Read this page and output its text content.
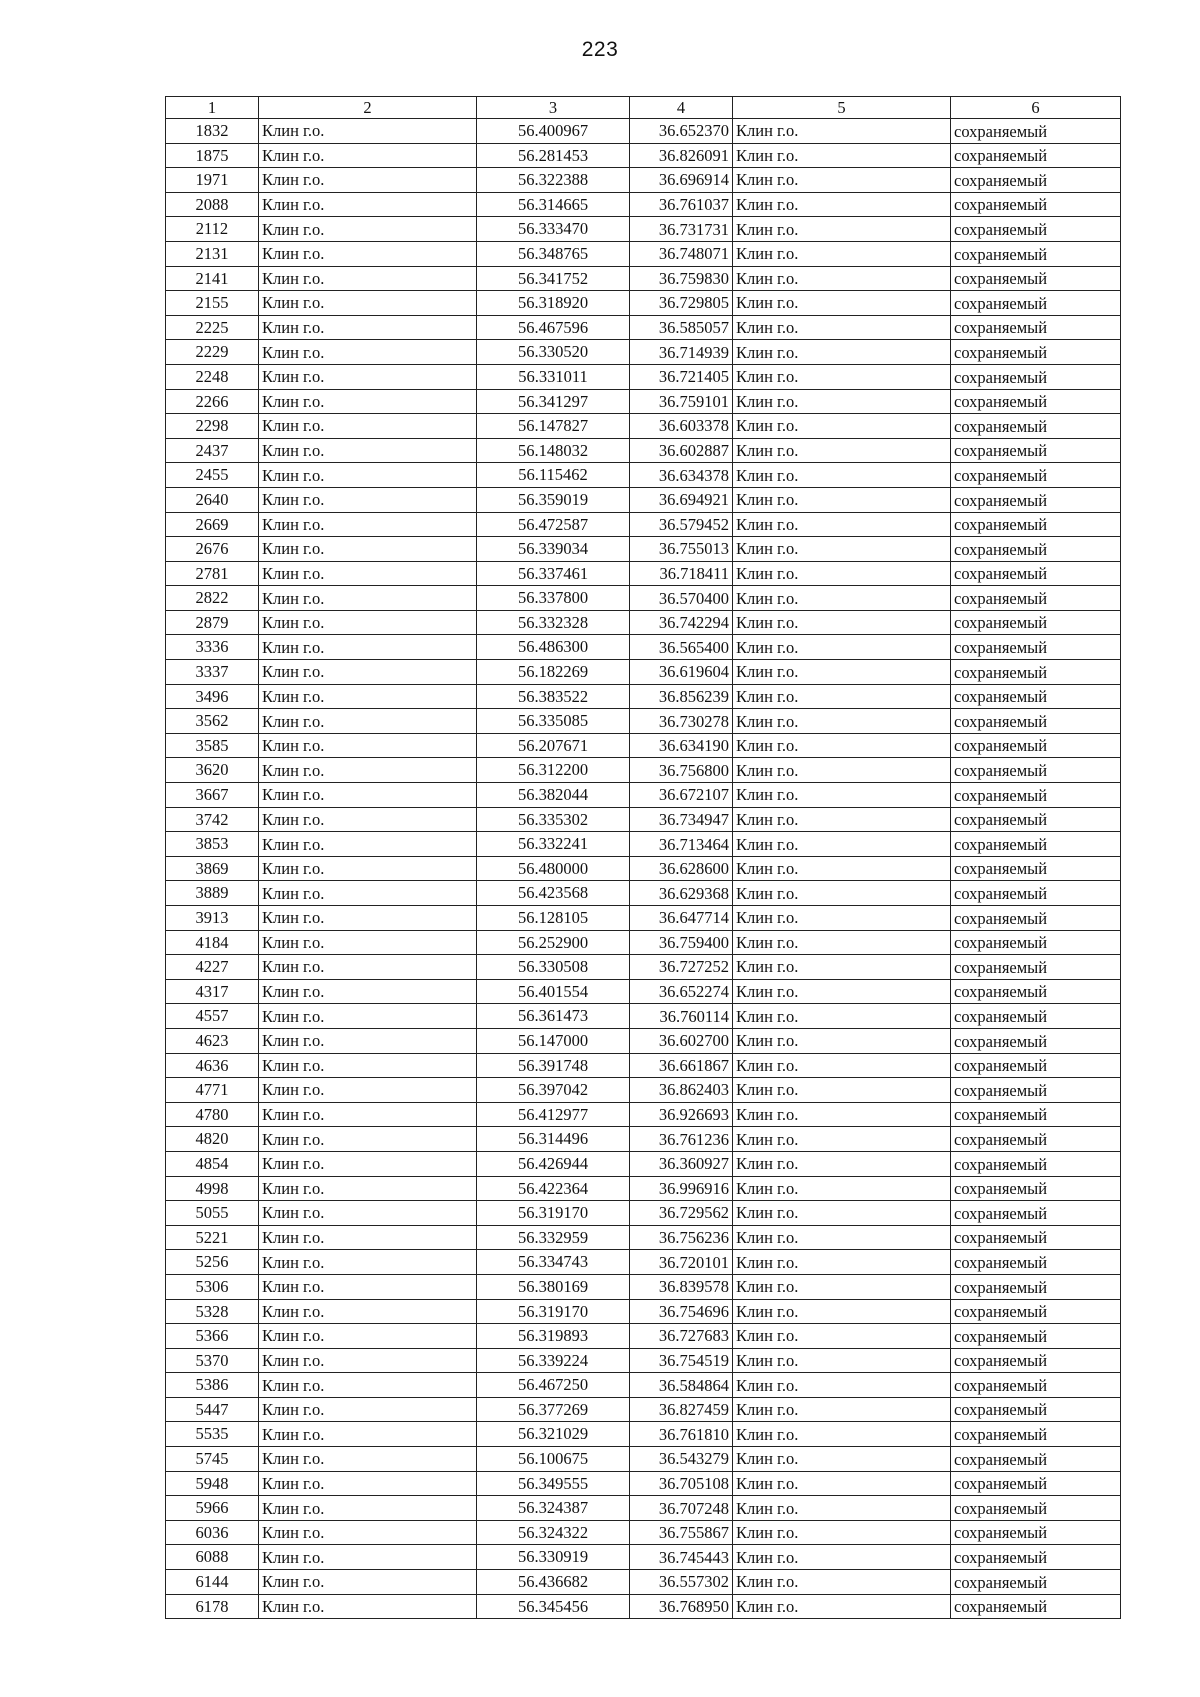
223
1	2	3	4	5	6
1832	Клин г.о.	56.400967	36.652370	Клин г.о.	сохраняемый
1875	Клин г.о.	56.281453	36.826091	Клин г.о.	сохраняемый
1971	Клин г.о.	56.322388	36.696914	Клин г.о.	сохраняемый
2088	Клин г.о.	56.314665	36.761037	Клин г.о.	сохраняемый
2112	Клин г.о.	56.333470	36.731731	Клин г.о.	сохраняемый
2131	Клин г.о.	56.348765	36.748071	Клин г.о.	сохраняемый
2141	Клин г.о.	56.341752	36.759830	Клин г.о.	сохраняемый
2155	Клин г.о.	56.318920	36.729805	Клин г.о.	сохраняемый
2225	Клин г.о.	56.467596	36.585057	Клин г.о.	сохраняемый
2229	Клин г.о.	56.330520	36.714939	Клин г.о.	сохраняемый
2248	Клин г.о.	56.331011	36.721405	Клин г.о.	сохраняемый
2266	Клин г.о.	56.341297	36.759101	Клин г.о.	сохраняемый
2298	Клин г.о.	56.147827	36.603378	Клин г.о.	сохраняемый
2437	Клин г.о.	56.148032	36.602887	Клин г.о.	сохраняемый
2455	Клин г.о.	56.115462	36.634378	Клин г.о.	сохраняемый
2640	Клин г.о.	56.359019	36.694921	Клин г.о.	сохраняемый
2669	Клин г.о.	56.472587	36.579452	Клин г.о.	сохраняемый
2676	Клин г.о.	56.339034	36.755013	Клин г.о.	сохраняемый
2781	Клин г.о.	56.337461	36.718411	Клин г.о.	сохраняемый
2822	Клин г.о.	56.337800	36.570400	Клин г.о.	сохраняемый
2879	Клин г.о.	56.332328	36.742294	Клин г.о.	сохраняемый
3336	Клин г.о.	56.486300	36.565400	Клин г.о.	сохраняемый
3337	Клин г.о.	56.182269	36.619604	Клин г.о.	сохраняемый
3496	Клин г.о.	56.383522	36.856239	Клин г.о.	сохраняемый
3562	Клин г.о.	56.335085	36.730278	Клин г.о.	сохраняемый
3585	Клин г.о.	56.207671	36.634190	Клин г.о.	сохраняемый
3620	Клин г.о.	56.312200	36.756800	Клин г.о.	сохраняемый
3667	Клин г.о.	56.382044	36.672107	Клин г.о.	сохраняемый
3742	Клин г.о.	56.335302	36.734947	Клин г.о.	сохраняемый
3853	Клин г.о.	56.332241	36.713464	Клин г.о.	сохраняемый
3869	Клин г.о.	56.480000	36.628600	Клин г.о.	сохраняемый
3889	Клин г.о.	56.423568	36.629368	Клин г.о.	сохраняемый
3913	Клин г.о.	56.128105	36.647714	Клин г.о.	сохраняемый
4184	Клин г.о.	56.252900	36.759400	Клин г.о.	сохраняемый
4227	Клин г.о.	56.330508	36.727252	Клин г.о.	сохраняемый
4317	Клин г.о.	56.401554	36.652274	Клин г.о.	сохраняемый
4557	Клин г.о.	56.361473	36.760114	Клин г.о.	сохраняемый
4623	Клин г.о.	56.147000	36.602700	Клин г.о.	сохраняемый
4636	Клин г.о.	56.391748	36.661867	Клин г.о.	сохраняемый
4771	Клин г.о.	56.397042	36.862403	Клин г.о.	сохраняемый
4780	Клин г.о.	56.412977	36.926693	Клин г.о.	сохраняемый
4820	Клин г.о.	56.314496	36.761236	Клин г.о.	сохраняемый
4854	Клин г.о.	56.426944	36.360927	Клин г.о.	сохраняемый
4998	Клин г.о.	56.422364	36.996916	Клин г.о.	сохраняемый
5055	Клин г.о.	56.319170	36.729562	Клин г.о.	сохраняемый
5221	Клин г.о.	56.332959	36.756236	Клин г.о.	сохраняемый
5256	Клин г.о.	56.334743	36.720101	Клин г.о.	сохраняемый
5306	Клин г.о.	56.380169	36.839578	Клин г.о.	сохраняемый
5328	Клин г.о.	56.319170	36.754696	Клин г.о.	сохраняемый
5366	Клин г.о.	56.319893	36.727683	Клин г.о.	сохраняемый
5370	Клин г.о.	56.339224	36.754519	Клин г.о.	сохраняемый
5386	Клин г.о.	56.467250	36.584864	Клин г.о.	сохраняемый
5447	Клин г.о.	56.377269	36.827459	Клин г.о.	сохраняемый
5535	Клин г.о.	56.321029	36.761810	Клин г.о.	сохраняемый
5745	Клин г.о.	56.100675	36.543279	Клин г.о.	сохраняемый
5948	Клин г.о.	56.349555	36.705108	Клин г.о.	сохраняемый
5966	Клин г.о.	56.324387	36.707248	Клин г.о.	сохраняемый
6036	Клин г.о.	56.324322	36.755867	Клин г.о.	сохраняемый
6088	Клин г.о.	56.330919	36.745443	Клин г.о.	сохраняемый
6144	Клин г.о.	56.436682	36.557302	Клин г.о.	сохраняемый
6178	Клин г.о.	56.345456	36.768950	Клин г.о.	сохраняемый
